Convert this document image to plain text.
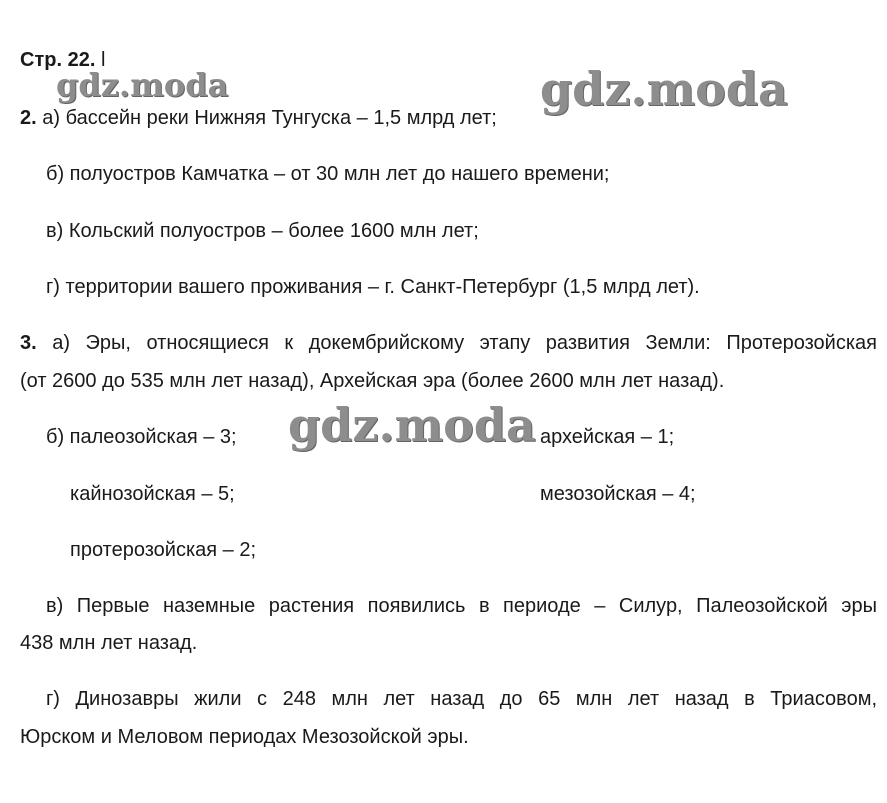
Стр. 22. l
gdz.moda	gdz.moda
gdz.moda
2. а) бассейн реки Нижняя Тунгуска – 1,5 млрд лет;
б) полуостров Камчатка – от 30 млн лет до нашего времени;
в) Кольский полуостров – более 1600 млн лет;
г) территории вашего проживания – г. Санкт-Петербург (1,5 млрд лет).
3. а) Эры, относящиеся к докембрийскому этапу развития Земли: Протерозойская
(от 2600 до 535 млн лет назад), Архейская эра (более 2600 млн лет назад).
б) палеозойская – 3;	архейская – 1;
кайнозойская – 5;	мезозойская – 4;
протерозойская – 2;
в) Первые наземные растения появились в периоде – Силур, Палеозойской эры
438 млн лет назад.
г) Динозавры жили с 248 млн лет назад до 65 млн лет назад в Триасовом,
Юрском и Меловом периодах Мезозойской эры.
